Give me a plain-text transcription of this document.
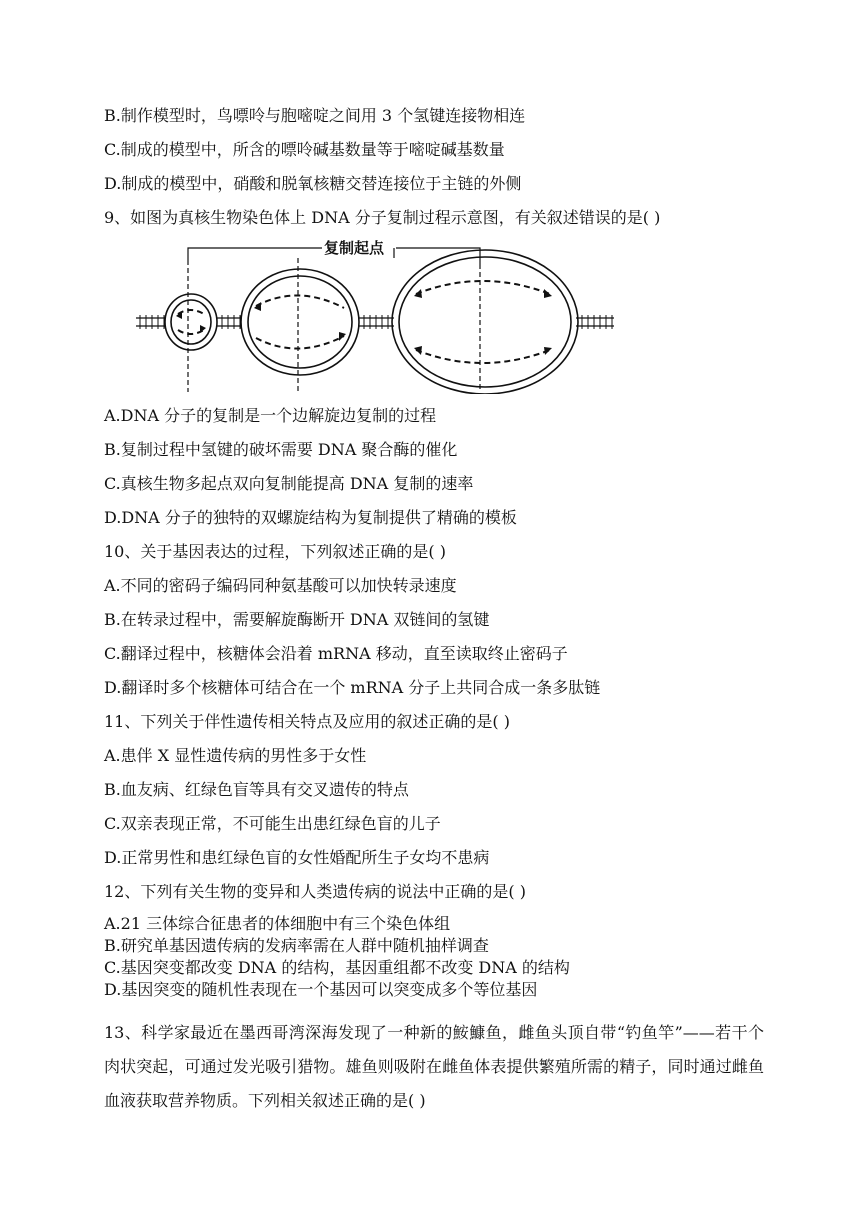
B.制作模型时，鸟嘌呤与胞嘧啶之间用 3 个氢键连接物相连
C.制成的模型中，所含的嘌呤碱基数量等于嘧啶碱基数量
D.制成的模型中，硝酸和脱氧核糖交替连接位于主链的外侧
9、如图为真核生物染色体上 DNA 分子复制过程示意图，有关叙述错误的是( )
复制起点
A.DNA 分子的复制是一个边解旋边复制的过程
B.复制过程中氢键的破坏需要 DNA 聚合酶的催化
C.真核生物多起点双向复制能提高 DNA 复制的速率
D.DNA 分子的独特的双螺旋结构为复制提供了精确的模板
10、关于基因表达的过程，下列叙述正确的是( )
A.不同的密码子编码同种氨基酸可以加快转录速度
B.在转录过程中，需要解旋酶断开 DNA 双链间的氢键
C.翻译过程中，核糖体会沿着 mRNA 移动，直至读取终止密码子
D.翻译时多个核糖体可结合在一个 mRNA 分子上共同合成一条多肽链
11、下列关于伴性遗传相关特点及应用的叙述正确的是( )
A.患伴 X 显性遗传病的男性多于女性
B.血友病、红绿色盲等具有交叉遗传的特点
C.双亲表现正常，不可能生出患红绿色盲的儿子
D.正常男性和患红绿色盲的女性婚配所生子女均不患病
12、下列有关生物的变异和人类遗传病的说法中正确的是( )
A.21 三体综合征患者的体细胞中有三个染色体组
B.研究单基因遗传病的发病率需在人群中随机抽样调查
C.基因突变都改变 DNA 的结构，基因重组都不改变 DNA 的结构
D.基因突变的随机性表现在一个基因可以突变成多个等位基因
13、科学家最近在墨西哥湾深海发现了一种新的鮟鱇鱼，雌鱼头顶自带“钓鱼竿”——若干个肉状突起，可通过发光吸引猎物。雄鱼则吸附在雌鱼体表提供繁殖所需的精子，同时通过雌鱼血液获取营养物质。下列相关叙述正确的是( )
